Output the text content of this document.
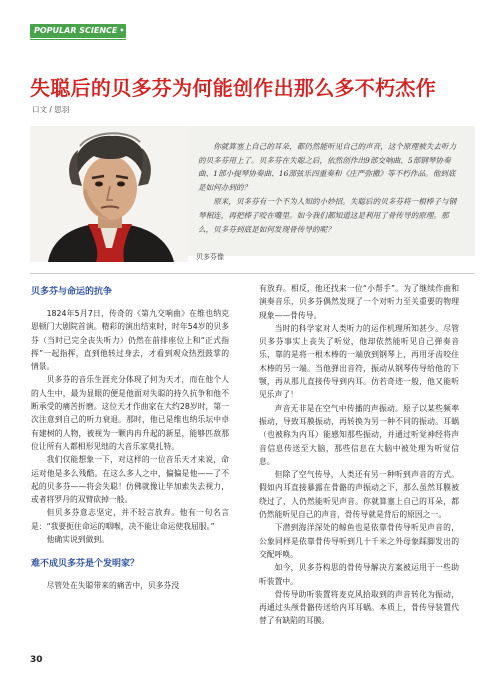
POPULAR SCIENCE • 博物
失聪后的贝多芬为何能创作出那么多不朽杰作
口文 / 思羽
贝多芬像

你就算塞上自己的耳朵，都仍然能听见自己的声音，这个原理被失去听力的贝多芬用上了。贝多芬在失聪之后，依然创作出9部交响曲、5部钢琴协奏曲、1部小提琴协奏曲、16部弦乐四重奏和《庄严弥撒》等不朽作品。他到底是如何办到的？

原来，贝多芬有一个不为人知的小妙招。失聪后的贝多芬将一根棒子与钢琴相连，再把棒子咬在嘴里。如今我们都知道这是利用了骨传导的原理。那么，贝多芬到底是如何发现骨传导的呢？

贝多芬与命运的抗争

1824年5月7日，传奇的《第九交响曲》在维也纳克恩顿门大剧院首演。精彩的演出结束时，时年54岁的贝多芬（当时已完全丧失听力）仍然在前排座位上和“正式指挥”一起指挥，直到他转过身去，才看到观众热烈鼓掌的情景。

贝多芬的音乐生涯充分体现了何为天才，而在他个人的人生中，最为显眼的便是他面对失聪的持久抗争和他不断承受的痛苦折磨。这位天才作曲家在大约28岁时，第一次注意到自己的听力衰退。那时，他已是维也纳乐坛中卓有建树的人物，被视为一颗冉冉升起的新星，能够匹敌那位让所有人都相形见绌的大音乐家莫扎特。

我们仅能想象一下，对这样的一位音乐天才来说，命运对他是多么残酷。在这么多人之中，偏偏是他——了不起的贝多芬——将会失聪！仿佛就像让毕加索失去视力，或者将罗丹的双臂砍掉一般。

但贝多芬意志坚定，并不轻言放弃。他有一句名言是：“我要扼住命运的咽喉，决不能让命运使我屈服。”

他确实说到做到。

难不成贝多芬是个发明家？

尽管处在失聪带来的痛苦中，贝多芬没

有放弃。相反，他还找来一位“小帮手”。为了继续作曲和演奏音乐，贝多芬偶然发现了一个对听力至关重要的物理现象——骨传导。

当时的科学家对人类听力的运作机理所知甚少。尽管贝多芬事实上丧失了听觉，他却依然能听见自己弹奏音乐，靠的是将一根木棒的一端放到钢琴上，再用牙齿咬住木棒的另一端。当他弹出音符，振动从钢琴传导给他的下颚，再从那儿直接传导到内耳。仿若奇迹一般，他又能听见乐声了！

声音无非是在空气中传播的声振动。原子以某些频率振动，导致耳膜振动，再转换为另一种不同的振动。耳蜗（也被称为内耳）能感知那些振动，并通过听觉神经将声音信息传送至大脑，那些信息在大脑中被处理为听觉信息。

但除了空气传导，人类还有另一种听到声音的方式。假如内耳直接暴露在骨骼的声振动之下，那么虽然耳膜被绕过了，人仍然能听见声音。你就算塞上自己的耳朵，都仍然能听见自己的声音，骨传导就是背后的原因之一。

下潜到海洋深处的鲸鱼也是依靠骨传导听见声音的，公象同样是依靠骨传导听到几十千米之外母象踩脚发出的交配呼唤。

如今，贝多芬构思的骨传导解决方案被运用于一些助听装置中。

骨传导助听装置将麦克风拾取到的声音转化为振动，再通过头颅骨骼传送给内耳耳蜗。本质上，骨传导装置代替了有缺陷的耳膜。

30
